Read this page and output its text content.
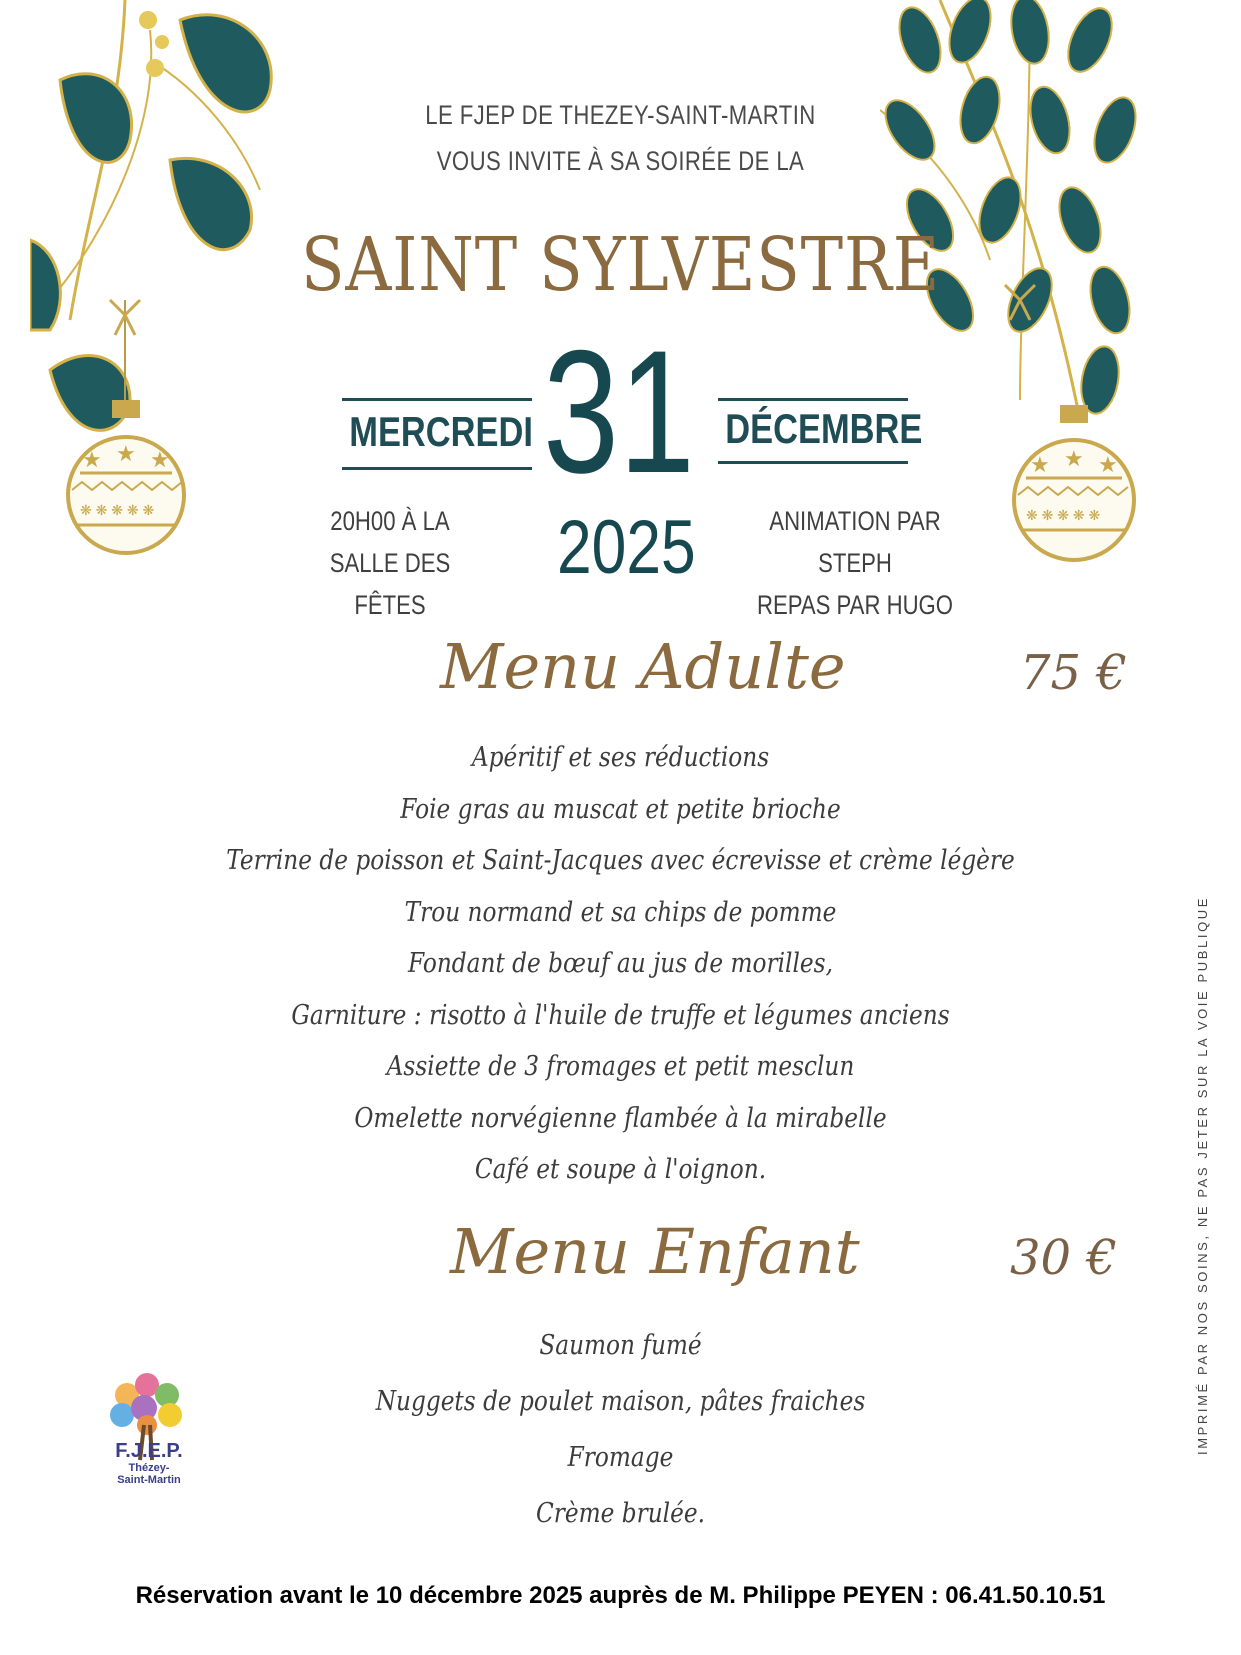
★ ★ ★
❋ ❋ ❋ ❋ ❋
★ ★ ★
❋ ❋ ❋ ❋ ❋
LE FJEP DE THEZEY-SAINT-MARTIN
VOUS INVITE À SA SOIRÉE DE LA
SAINT SYLVESTRE
MERCREDI 31
2025
DÉCEMBRE
20H00 À LA
SALLE DES FÊTES
ANIMATION PAR STEPH
REPAS PAR HUGO
Menu Adulte	75 €
Apéritif et ses réductions
Foie gras au muscat et petite brioche
Terrine de poisson et Saint-Jacques avec écrevisse et crème légère
Trou normand et sa chips de pomme
Fondant de bœuf au jus de morilles,
Garniture : risotto à l'huile de truffe et légumes anciens
Assiette de 3 fromages et petit mesclun
Omelette norvégienne flambée à la mirabelle
Café et soupe à l'oignon.
Menu Enfant	30 €
Saumon fumé
Nuggets de poulet maison, pâtes fraiches
Fromage
Crème brulée.
F.J.E.P.
Thézey-
Saint-Martin
IMPRIMÉ PAR NOS SOINS, NE PAS JETER SUR LA VOIE PUBLIQUE
Réservation avant le 10 décembre 2025 auprès de M. Philippe PEYEN : 06.41.50.10.51
